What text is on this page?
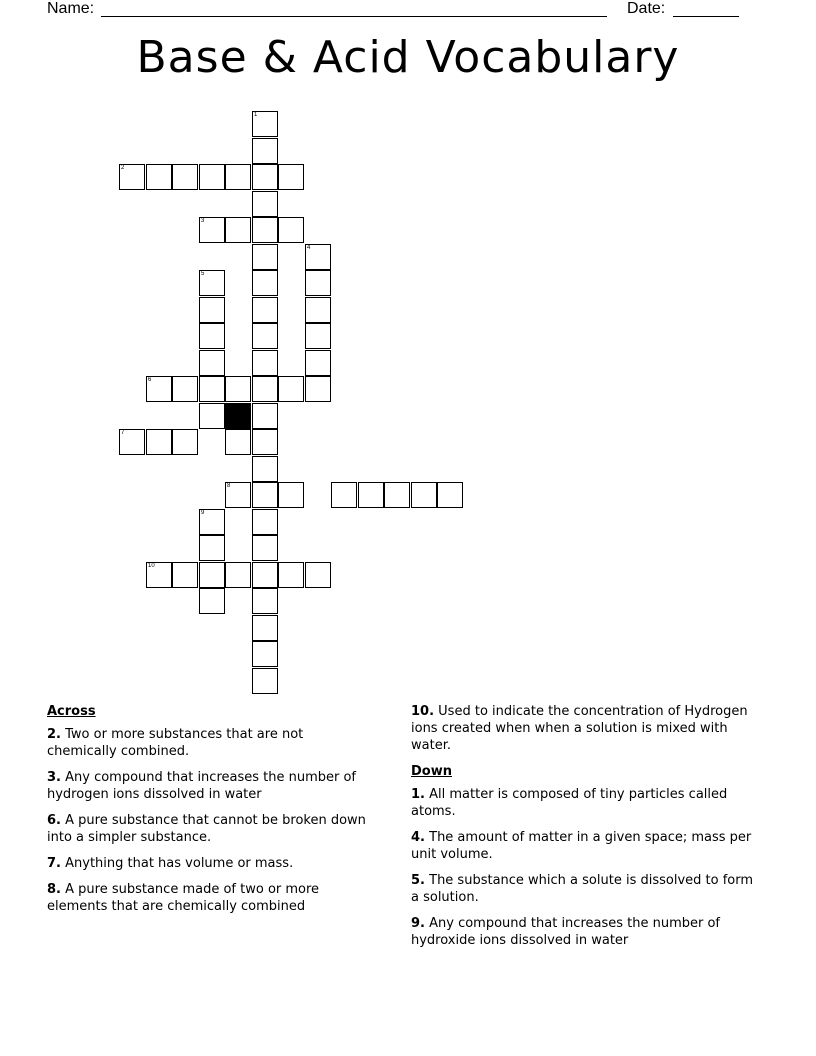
Name:	Date:
Base & Acid Vocabulary
1
2
3
4
5
6
7
8
9
10
Across
2. Two or more substances that are not chemically combined.
3. Any compound that increases the number of hydrogen ions dissolved in water
6. A pure substance that cannot be broken down into a simpler substance.
7. Anything that has volume or mass.
8. A pure substance made of two or more elements that are chemically combined
10. Used to indicate the concentration of Hydrogen ions created when when a solution is mixed with water.
Down
1. All matter is composed of tiny particles called atoms.
4. The amount of matter in a given space; mass per unit volume.
5. The substance which a solute is dissolved to form a solution.
9. Any compound that increases the number of hydroxide ions dissolved in water
